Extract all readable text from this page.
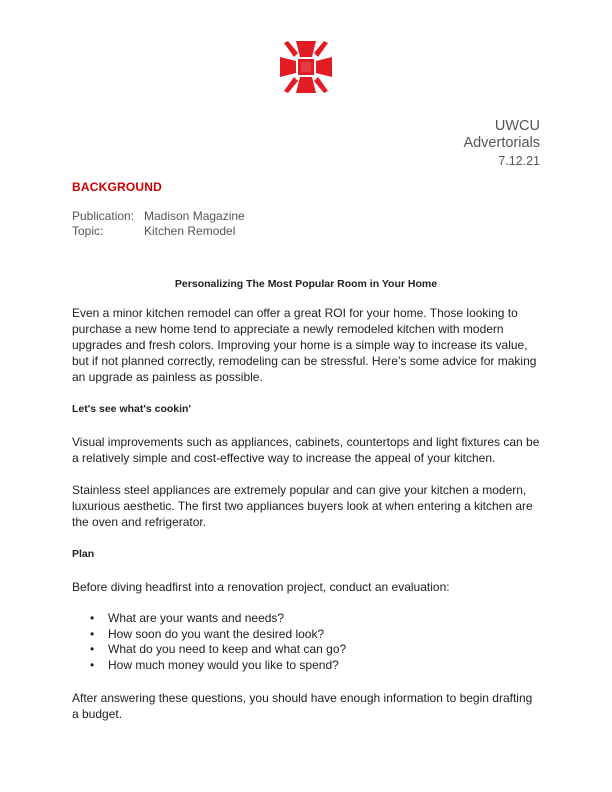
UWCU
Advertorials
7.12.21
BACKGROUND
Publication: Madison Magazine
Topic:	Kitchen Remodel
Personalizing The Most Popular Room in Your Home

Even a minor kitchen remodel can offer a great ROI for your home. Those looking to purchase a new home tend to appreciate a newly remodeled kitchen with modern upgrades and fresh colors. Improving your home is a simple way to increase its value, but if not planned correctly, remodeling can be stressful. Here’s some advice for making an upgrade as painless as possible.

Let's see what's cookin'

Visual improvements such as appliances, cabinets, countertops and light fixtures can be a relatively simple and cost-effective way to increase the appeal of your kitchen.

Stainless steel appliances are extremely popular and can give your kitchen a modern, luxurious aesthetic. The first two appliances buyers look at when entering a kitchen are the oven and refrigerator.

Plan

Before diving headfirst into a renovation project, conduct an evaluation:

• What are your wants and needs?
• How soon do you want the desired look?
• What do you need to keep and what can go?
• How much money would you like to spend?

After answering these questions, you should have enough information to begin drafting a budget.
